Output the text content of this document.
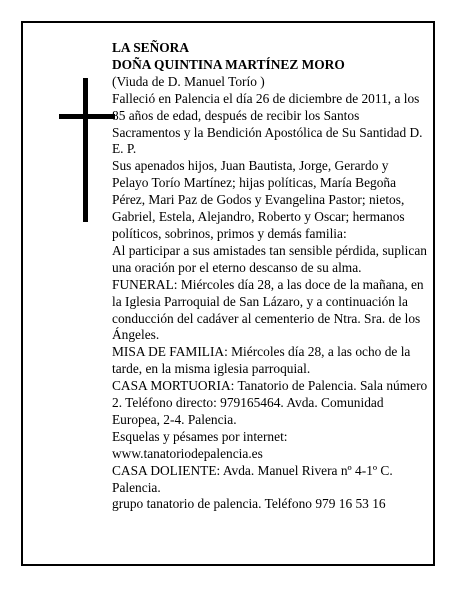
LA SEÑORA

DOÑA QUINTINA MARTÍNEZ MORO

(Viuda de D. Manuel Torío )

Falleció en Palencia el día 26 de diciembre de 2011, a los 85 años de edad, después de recibir los Santos Sacramentos y la Bendición Apostólica de Su Santidad D. E. P.

Sus apenados hijos, Juan Bautista, Jorge, Gerardo y Pelayo Torío Martínez; hijas políticas, María Begoña Pérez, Mari Paz de Godos y Evangelina Pastor; nietos, Gabriel, Estela, Alejandro, Roberto y Oscar; hermanos políticos, sobrinos, primos y demás familia:

Al participar a sus amistades tan sensible pérdida, suplican una oración por el eterno descanso de su alma.

FUNERAL: Miércoles día 28, a las doce de la mañana, en la Iglesia Parroquial de San Lázaro, y a continuación la conducción del cadáver al cementerio de Ntra. Sra. de los Ángeles.

MISA DE FAMILIA: Miércoles día 28, a las ocho de la tarde, en la misma iglesia parroquial.

CASA MORTUORIA: Tanatorio de Palencia. Sala número 2. Teléfono directo: 979165464. Avda. Comunidad Europea, 2-4. Palencia.

Esquelas y pésames por internet: www.tanatoriodepalencia.es

CASA DOLIENTE: Avda. Manuel Rivera nº 4-1º C. Palencia.

grupo tanatorio de palencia. Teléfono 979 16 53 16
